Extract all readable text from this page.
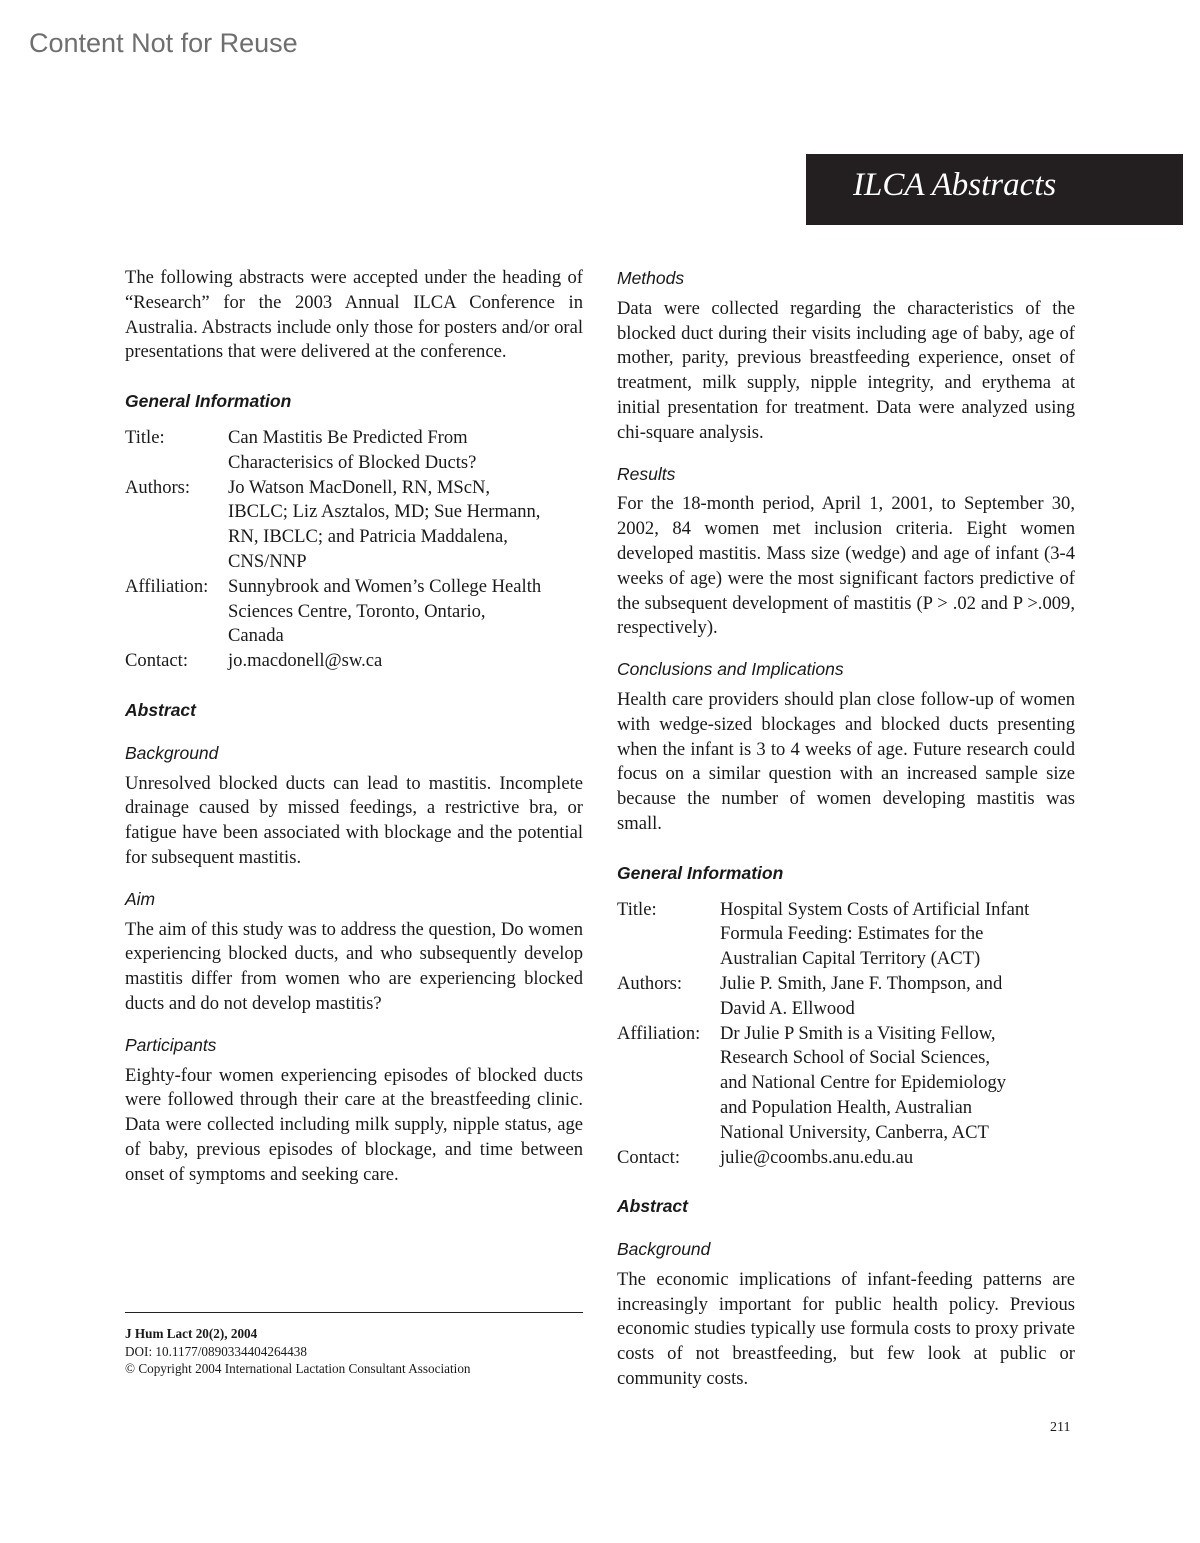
Content Not for Reuse
ILCA Abstracts

The following abstracts were accepted under the heading of “Research” for the 2003 Annual ILCA Conference in Australia. Abstracts include only those for posters and/or oral presentations that were delivered at the conference.

General Information

Title:	Can Mastitis Be Predicted From
Characterisics of Blocked Ducts?
Authors:	Jo Watson MacDonell, RN, MScN,
IBCLC; Liz Asztalos, MD; Sue Hermann,
RN, IBCLC; and Patricia Maddalena,
CNS/NNP
Affiliation:	Sunnybrook and Women’s College Health
Sciences Centre, Toronto, Ontario,
Canada
Contact:	jo.macdonell@sw.ca

Abstract

Background

Unresolved blocked ducts can lead to mastitis. Incomplete drainage caused by missed feedings, a restrictive bra, or fatigue have been associated with blockage and the potential for subsequent mastitis.

Aim

The aim of this study was to address the question, Do women experiencing blocked ducts, and who subsequently develop mastitis differ from women who are experiencing blocked ducts and do not develop mastitis?

Participants

Eighty-four women experiencing episodes of blocked ducts were followed through their care at the breastfeeding clinic. Data were collected including milk supply, nipple status, age of baby, previous episodes of blockage, and time between onset of symptoms and seeking care.

Methods

Data were collected regarding the characteristics of the blocked duct during their visits including age of baby, age of mother, parity, previous breastfeeding experience, onset of treatment, milk supply, nipple integrity, and erythema at initial presentation for treatment. Data were analyzed using chi-square analysis.

Results

For the 18-month period, April 1, 2001, to September 30, 2002, 84 women met inclusion criteria. Eight women developed mastitis. Mass size (wedge) and age of infant (3-4 weeks of age) were the most significant factors predictive of the subsequent development of mastitis (P > .02 and P >.009, respectively).

Conclusions and Implications

Health care providers should plan close follow-up of women with wedge-sized blockages and blocked ducts presenting when the infant is 3 to 4 weeks of age. Future research could focus on a similar question with an increased sample size because the number of women developing mastitis was small.

General Information

Title:	Hospital System Costs of Artificial Infant
Formula Feeding: Estimates for the
Australian Capital Territory (ACT)
Authors:	Julie P. Smith, Jane F. Thompson, and
David A. Ellwood
Affiliation:	Dr Julie P Smith is a Visiting Fellow,
Research School of Social Sciences,
and National Centre for Epidemiology
and Population Health, Australian
National University, Canberra, ACT
Contact:	julie@coombs.anu.edu.au

Abstract

Background

The economic implications of infant-feeding patterns are increasingly important for public health policy. Previous economic studies typically use formula costs to proxy private costs of not breastfeeding, but few look at public or community costs.

J Hum Lact 20(2), 2004
DOI: 10.1177/0890334404264438
© Copyright 2004 International Lactation Consultant Association
211
